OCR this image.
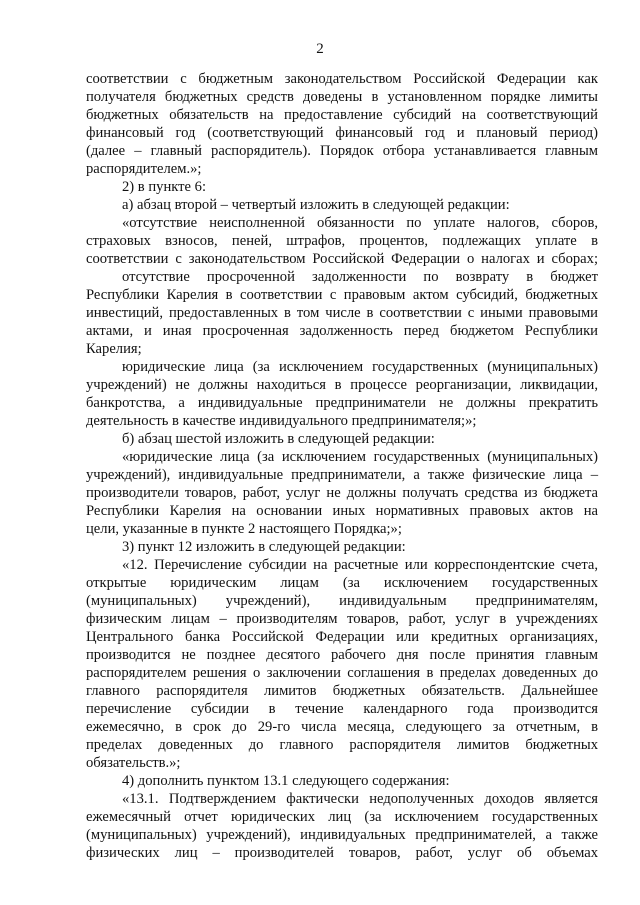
2
соответствии с бюджетным законодательством Российской Федерации как
получателя бюджетных средств доведены в установленном порядке лимиты
бюджетных обязательств на предоставление субсидий на соответствующий
финансовый год (соответствующий финансовый год и плановый период)
(далее – главный распорядитель). Порядок отбора устанавливается главным
распорядителем.»;
2) в пункте 6:
а) абзац второй – четвертый изложить в следующей редакции:
«отсутствие неисполненной обязанности по уплате налогов, сборов,
страховых взносов, пеней, штрафов, процентов, подлежащих уплате в
соответствии с законодательством Российской Федерации о налогах и сборах;
отсутствие просроченной задолженности по возврату в бюджет
Республики Карелия в соответствии с правовым актом субсидий, бюджетных
инвестиций, предоставленных в том числе в соответствии с иными правовыми
актами, и иная просроченная задолженность перед бюджетом Республики
Карелия;
юридические лица (за исключением государственных (муниципальных)
учреждений) не должны находиться в процессе реорганизации, ликвидации,
банкротства, а индивидуальные предприниматели не должны прекратить
деятельность в качестве индивидуального предпринимателя;»;
б) абзац шестой изложить в следующей редакции:
«юридические лица (за исключением государственных (муниципальных)
учреждений), индивидуальные предприниматели, а также физические лица –
производители товаров, работ, услуг не должны получать средства из бюджета
Республики Карелия на основании иных нормативных правовых актов на
цели, указанные в пункте 2 настоящего Порядка;»;
3) пункт 12 изложить в следующей редакции:
«12. Перечисление субсидии на расчетные или корреспондентские счета,
открытые юридическим лицам (за исключением государственных
(муниципальных) учреждений), индивидуальным предпринимателям,
физическим лицам – производителям товаров, работ, услуг в учреждениях
Центрального банка Российской Федерации или кредитных организациях,
производится не позднее десятого рабочего дня после принятия главным
распорядителем решения о заключении соглашения в пределах доведенных до
главного распорядителя лимитов бюджетных обязательств. Дальнейшее
перечисление субсидии в течение календарного года производится
ежемесячно, в срок до 29-го числа месяца, следующего за отчетным, в
пределах доведенных до главного распорядителя лимитов бюджетных
обязательств.»;
4) дополнить пунктом 13.1 следующего содержания:
«13.1. Подтверждением фактически недополученных доходов является
ежемесячный отчет юридических лиц (за исключением государственных
(муниципальных) учреждений), индивидуальных предпринимателей, а также
физических лиц – производителей товаров, работ, услуг об объемах
